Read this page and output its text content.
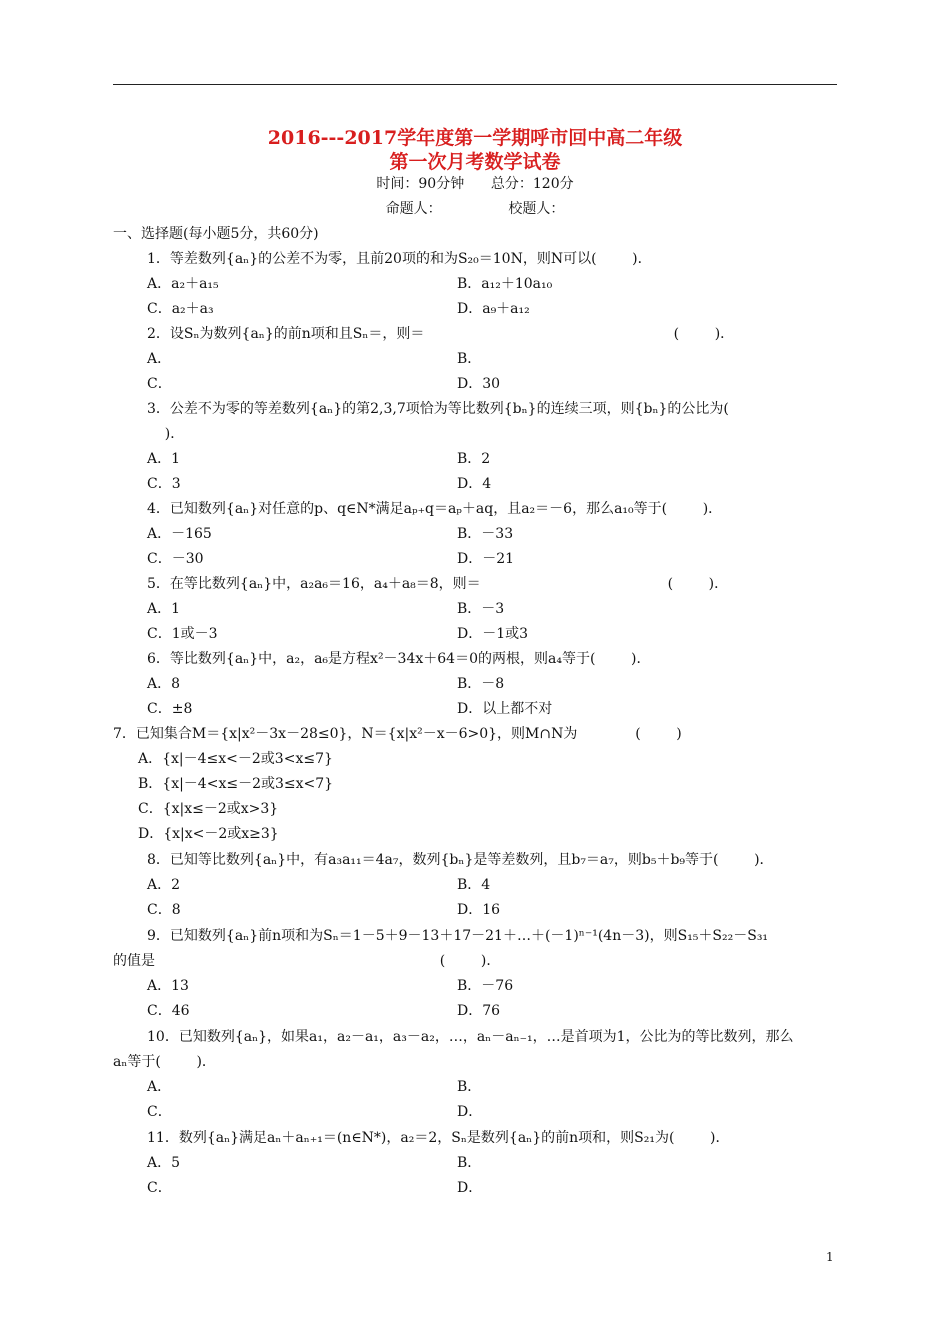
2016---2017学年度第一学期呼市回中高二年级
第一次月考数学试卷
时间：90分钟      总分：120分
命题人：               校题人：
一、选择题(每小题5分，共60分)
1．等差数列{aₙ}的公差不为零，且前20项的和为S₂₀＝10N，则N可以(        )．
A．a₂＋a₁₅	B．a₁₂＋10a₁₀
C．a₂＋a₃	D．a₉＋a₁₂
2．设Sₙ为数列{aₙ}的前n项和且Sₙ＝，则＝                                                        (        )．
A．	B．
C．	D．30
3．公差不为零的等差数列{aₙ}的第2,3,7项恰为等比数列{bₙ}的连续三项，则{bₙ}的公比为(
)．
A．1	B．2
C．3	D．4
4．已知数列{aₙ}对任意的p、q∈N*满足aₚ₊q＝aₚ＋aq，且a₂＝－6，那么a₁₀等于(        )．
A．－165	B．－33
C．－30	D．－21
5．在等比数列{aₙ}中，a₂a₆＝16，a₄＋a₈＝8，则＝                                          (        )．
A．1	B．－3
C．1或－3	D．－1或3
6．等比数列{aₙ}中，a₂，a₆是方程x²－34x＋64＝0的两根，则a₄等于(        )．
A．8	B．－8
C．±8	D．以上都不对
7．已知集合M＝{x|x²－3x－28≤0}，N＝{x|x²－x－6>0}，则M∩N为             (        )
A．{x|－4≤x<－2或3<x≤7}
B．{x|－4<x≤－2或3≤x<7}
C．{x|x≤－2或x>3}
D．{x|x<－2或x≥3}
8．已知等比数列{aₙ}中，有a₃a₁₁＝4a₇，数列{bₙ}是等差数列，且b₇＝a₇，则b₅＋b₉等于(        )．
A．2	B．4
C．8	D．16
9．已知数列{aₙ}前n项和为Sₙ＝1－5＋9－13＋17－21＋…＋(－1)ⁿ⁻¹(4n－3)，则S₁₅＋S₂₂－S₃₁
的值是                                                                (        )．
A．13	B．－76
C．46	D．76
10．已知数列{aₙ}，如果a₁，a₂－a₁，a₃－a₂，…，aₙ－aₙ₋₁，…是首项为1，公比为的等比数列，那么
aₙ等于(        )．
A．	B．
C．	D．
11．数列{aₙ}满足aₙ＋aₙ₊₁＝(n∈N*)，a₂＝2，Sₙ是数列{aₙ}的前n项和，则S₂₁为(        )．
A．5	B．
C．	D．
1
